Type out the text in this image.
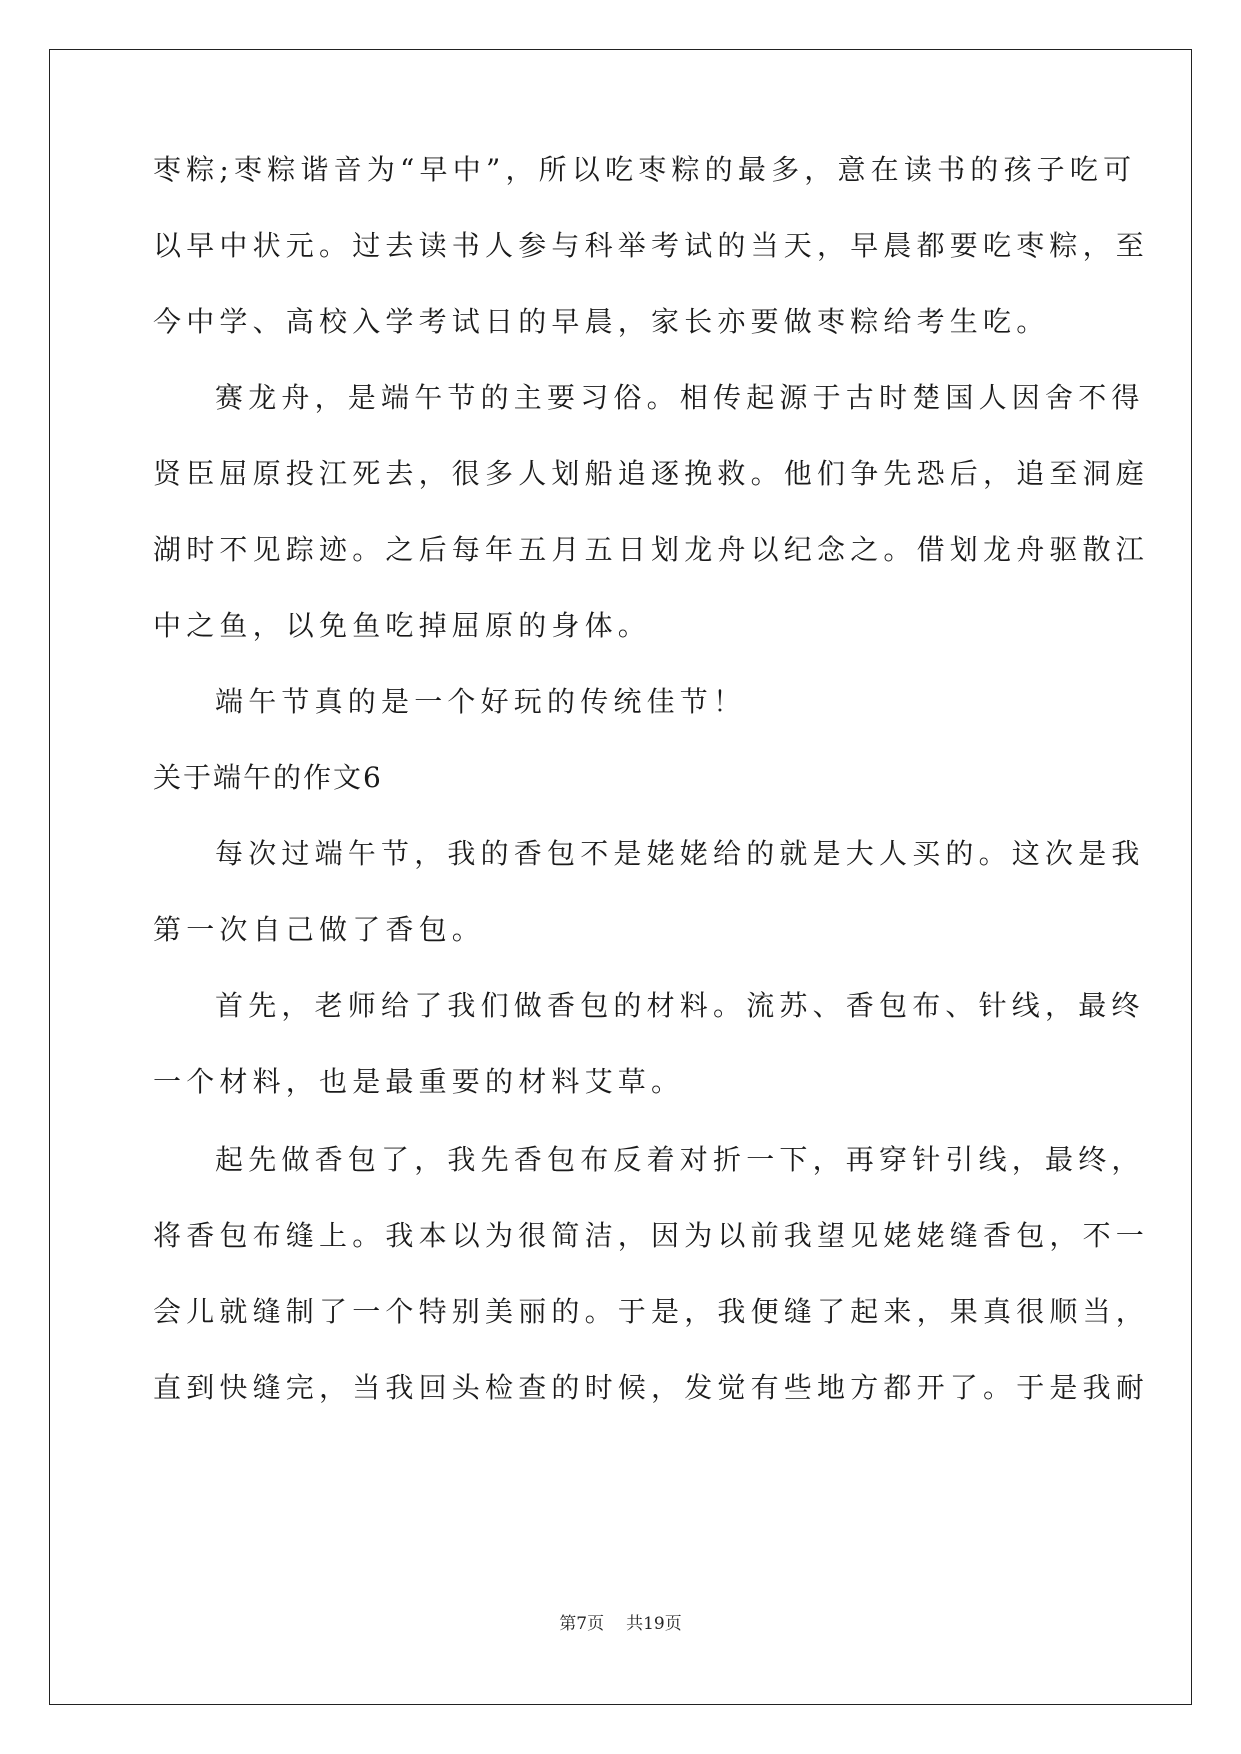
枣粽;枣粽谐音为“早中”，所以吃枣粽的最多，意在读书的孩子吃可
以早中状元。过去读书人参与科举考试的当天，早晨都要吃枣粽，至
今中学、高校入学考试日的早晨，家长亦要做枣粽给考生吃。
赛龙舟，是端午节的主要习俗。相传起源于古时楚国人因舍不得
贤臣屈原投江死去，很多人划船追逐挽救。他们争先恐后，追至洞庭
湖时不见踪迹。之后每年五月五日划龙舟以纪念之。借划龙舟驱散江
中之鱼，以免鱼吃掉屈原的身体。
端午节真的是一个好玩的传统佳节！
关于端午的作文6
每次过端午节，我的香包不是姥姥给的就是大人买的。这次是我
第一次自己做了香包。
首先，老师给了我们做香包的材料。流苏、香包布、针线，最终
一个材料，也是最重要的材料艾草。
起先做香包了，我先香包布反着对折一下，再穿针引线，最终，
将香包布缝上。我本以为很简洁，因为以前我望见姥姥缝香包，不一
会儿就缝制了一个特别美丽的。于是，我便缝了起来，果真很顺当，
直到快缝完，当我回头检查的时候，发觉有些地方都开了。于是我耐
第7页 共19页
